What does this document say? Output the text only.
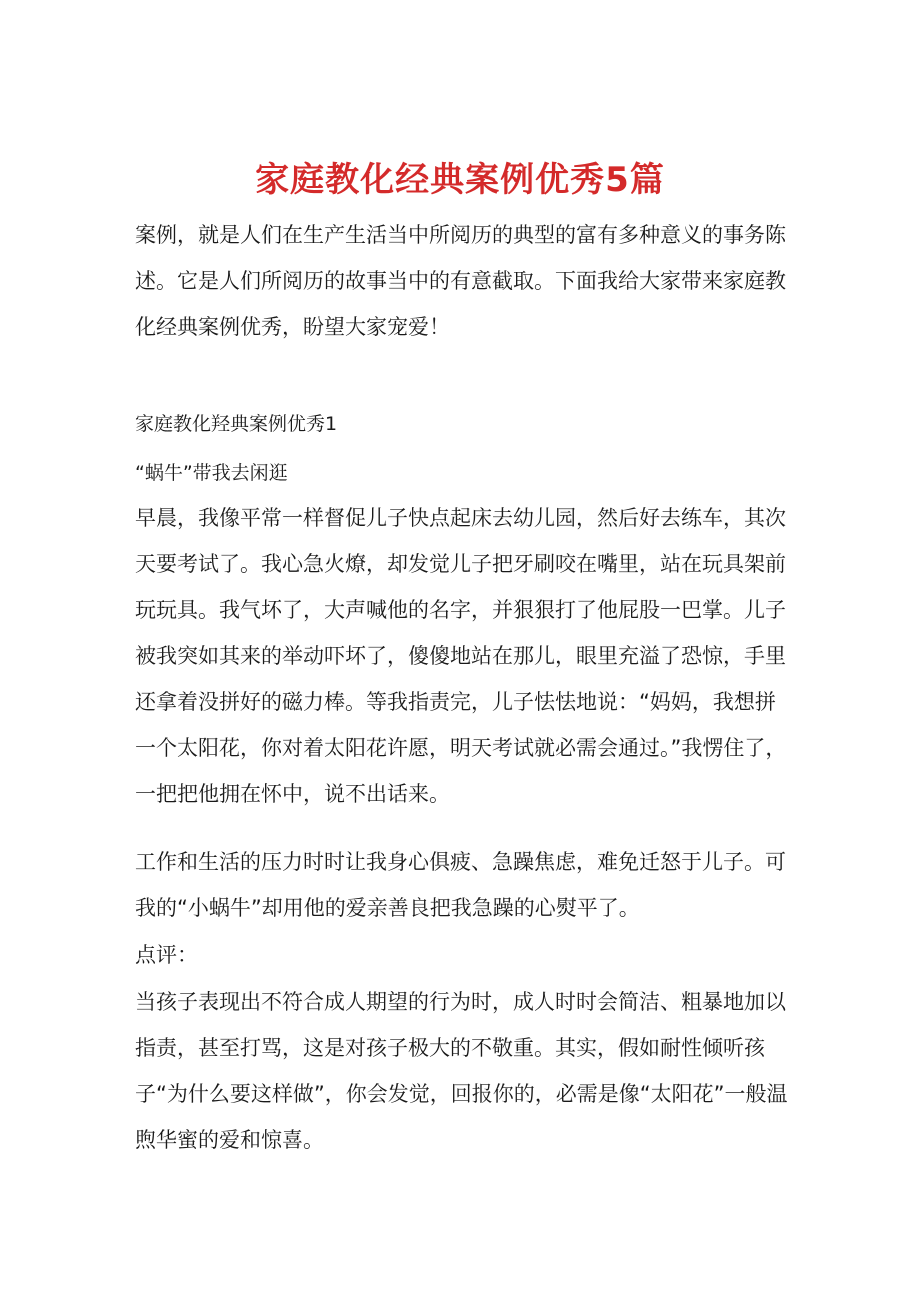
家庭教化经典案例优秀5篇

案例，就是人们在生产生活当中所阅历的典型的富有多种意义的事务陈述。它是人们所阅历的故事当中的有意截取。下面我给大家带来家庭教化经典案例优秀，盼望大家宠爱！

家庭教化羟典案例优秀1

“蜗牛”带我去闲逛

早晨，我像平常一样督促儿子快点起床去幼儿园，然后好去练车，其次天要考试了。我心急火燎，却发觉儿子把牙刷咬在嘴里，站在玩具架前玩玩具。我气坏了，大声喊他的名字，并狠狠打了他屁股一巴掌。儿子被我突如其来的举动吓坏了，傻傻地站在那儿，眼里充溢了恐惊，手里还拿着没拼好的磁力棒。等我指责完，儿子怯怯地说：“妈妈，我想拼一个太阳花，你对着太阳花许愿，明天考试就必需会通过。”我愣住了，一把把他拥在怀中，说不出话来。

工作和生活的压力时时让我身心俱疲、急躁焦虑，难免迁怒于儿子。可我的“小蜗牛”却用他的爱亲善良把我急躁的心熨平了。

点评：

当孩子表现出不符合成人期望的行为时，成人时时会简洁、粗暴地加以指责，甚至打骂，这是对孩子极大的不敬重。其实，假如耐性倾听孩子“为什么要这样做”，你会发觉，回报你的，必需是像“太阳花”一般温煦华蜜的爱和惊喜。
